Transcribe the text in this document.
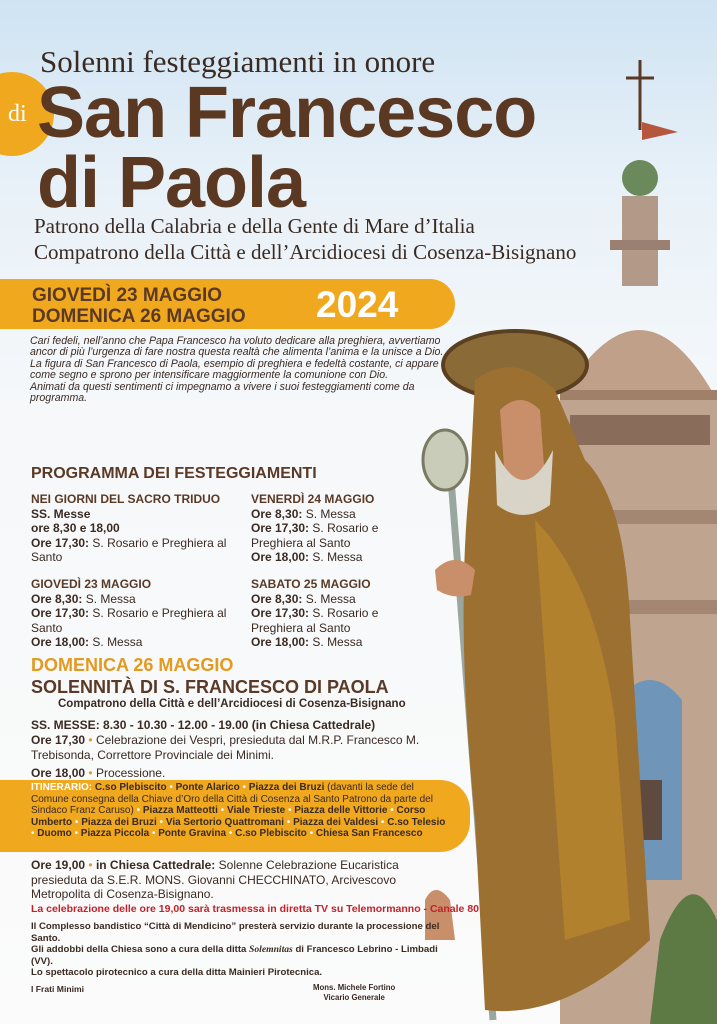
Solenni festeggiamenti in onore
di San Francesco
di Paola
Patrono della Calabria e della Gente di Mare d’Italia
Compatrono della Città e dell’Arcidiocesi di Cosenza-Bisignano
GIOVEDÌ 23 MAGGIO
DOMENICA 26 MAGGIO 2024

Cari fedeli, nell’anno che Papa Francesco ha voluto dedicare alla preghiera, avvertiamo ancor di più l’urgenza di fare nostra questa realtà che alimenta l’anima e la unisce a Dio.

La figura di San Francesco di Paola, esempio di preghiera e fedeltà costante, ci appare come segno e sprono per intensificare maggiormente la comunione con Dio.

Animati da questi sentimenti ci impegnamo a vivere i suoi festeggiamenti come da programma.

PROGRAMMA DEI FESTEGGIAMENTI
NEI GIORNI DEL SACRO TRIDUO
SS. Messe
ore 8,30 e 18,00
Ore 17,30: S. Rosario e Preghiera al Santo
VENERDÌ 24 MAGGIO
Ore 8,30: S. Messa
Ore 17,30: S. Rosario e Preghiera al Santo
Ore 18,00: S. Messa
GIOVEDÌ 23 MAGGIO
Ore 8,30: S. Messa
Ore 17,30: S. Rosario e Preghiera al Santo
Ore 18,00: S. Messa
SABATO 25 MAGGIO
Ore 8,30: S. Messa
Ore 17,30: S. Rosario e Preghiera al Santo
Ore 18,00: S. Messa
DOMENICA 26 MAGGIO
SOLENNITÀ DI S. FRANCESCO DI PAOLA
Compatrono della Città e dell’Arcidiocesi di Cosenza-Bisignano
SS. MESSE: 8.30 - 10.30 - 12.00 - 19.00 (in Chiesa Cattedrale)
Ore 17,30 • Celebrazione dei Vespri, presieduta dal M.R.P. Francesco M. Trebisonda, Correttore Provinciale dei Minimi.
Ore 18,00 • Processione.
ITINERARIO: C.so Plebiscito • Ponte Alarico • Piazza dei Bruzi (davanti la sede del Comune consegna della Chiave d’Oro della Città di Cosenza al Santo Patrono da parte del Sindaco Franz Caruso) • Piazza Matteotti • Viale Trieste • Piazza delle Vittorie • Corso Umberto • Piazza dei Bruzi • Via Sertorio Quattromani • Piazza dei Valdesi • C.so Telesio • Duomo • Piazza Piccola • Ponte Gravina • C.so Plebiscito • Chiesa San Francesco
Ore 19,00 • in Chiesa Cattedrale: Solenne Celebrazione Eucaristica presieduta da S.E.R. MONS. Giovanni CHECCHINATO, Arcivescovo Metropolita di Cosenza-Bisignano.
La celebrazione delle ore 19,00 sarà trasmessa in diretta TV su Telemormanno - Canale 80

Il Complesso bandistico “Città di Mendicino” presterà servizio durante la processione del Santo.

Gli addobbi della Chiesa sono a cura della ditta Solemnitas di Francesco Lebrino - Limbadi (VV).

Lo spettacolo pirotecnico a cura della ditta Mainieri Pirotecnica.

I Frati Minimi	Mons. Michele Fortino
Vicario Generale
